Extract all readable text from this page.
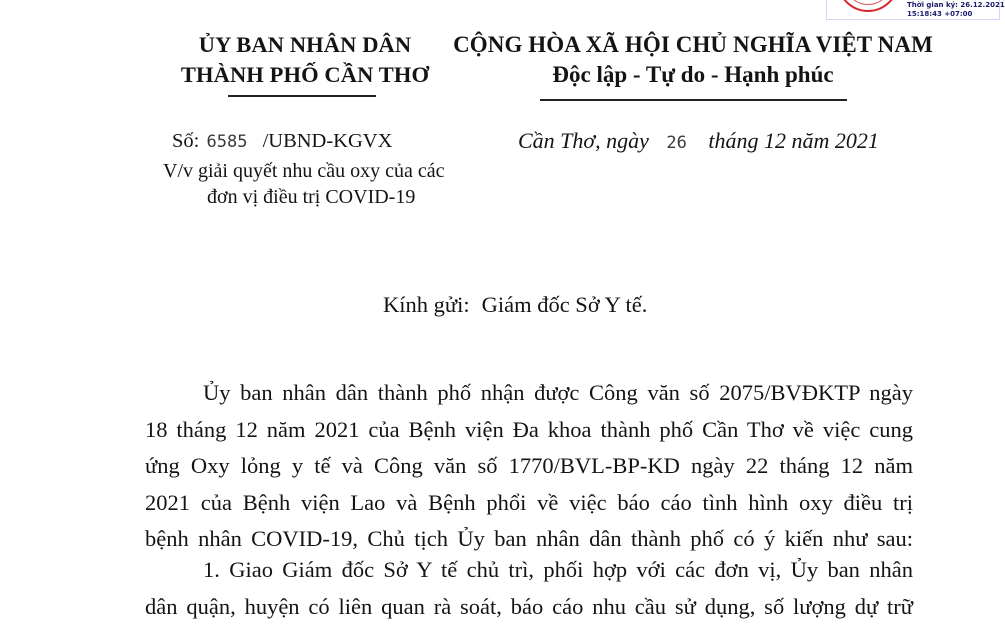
Thời gian ký: 26.12.2021
15:18:43 +07:00
ỦY BAN NHÂN DÂN
THÀNH PHỐ CẦN THƠ
CỘNG HÒA XÃ HỘI CHỦ NGHĨA VIỆT NAM
Độc lập - Tự do - Hạnh phúc
Số: 6585 /UBND-KGVX
V/v giải quyết nhu cầu oxy của các
đơn vị điều trị COVID-19
Cần Thơ, ngày 26 tháng 12 năm 2021
Kính gửi: Giám đốc Sở Y tế.
Ủy ban nhân dân thành phố nhận được Công văn số 2075/BVĐKTP ngày
18 tháng 12 năm 2021 của Bệnh viện Đa khoa thành phố Cần Thơ về việc cung
ứng Oxy lỏng y tế và Công văn số 1770/BVL-BP-KD ngày 22 tháng 12 năm
2021 của Bệnh viện Lao và Bệnh phổi về việc báo cáo tình hình oxy điều trị
bệnh nhân COVID-19, Chủ tịch Ủy ban nhân dân thành phố có ý kiến như sau:
1. Giao Giám đốc Sở Y tế chủ trì, phối hợp với các đơn vị, Ủy ban nhân
dân quận, huyện có liên quan rà soát, báo cáo nhu cầu sử dụng, số lượng dự trữ
